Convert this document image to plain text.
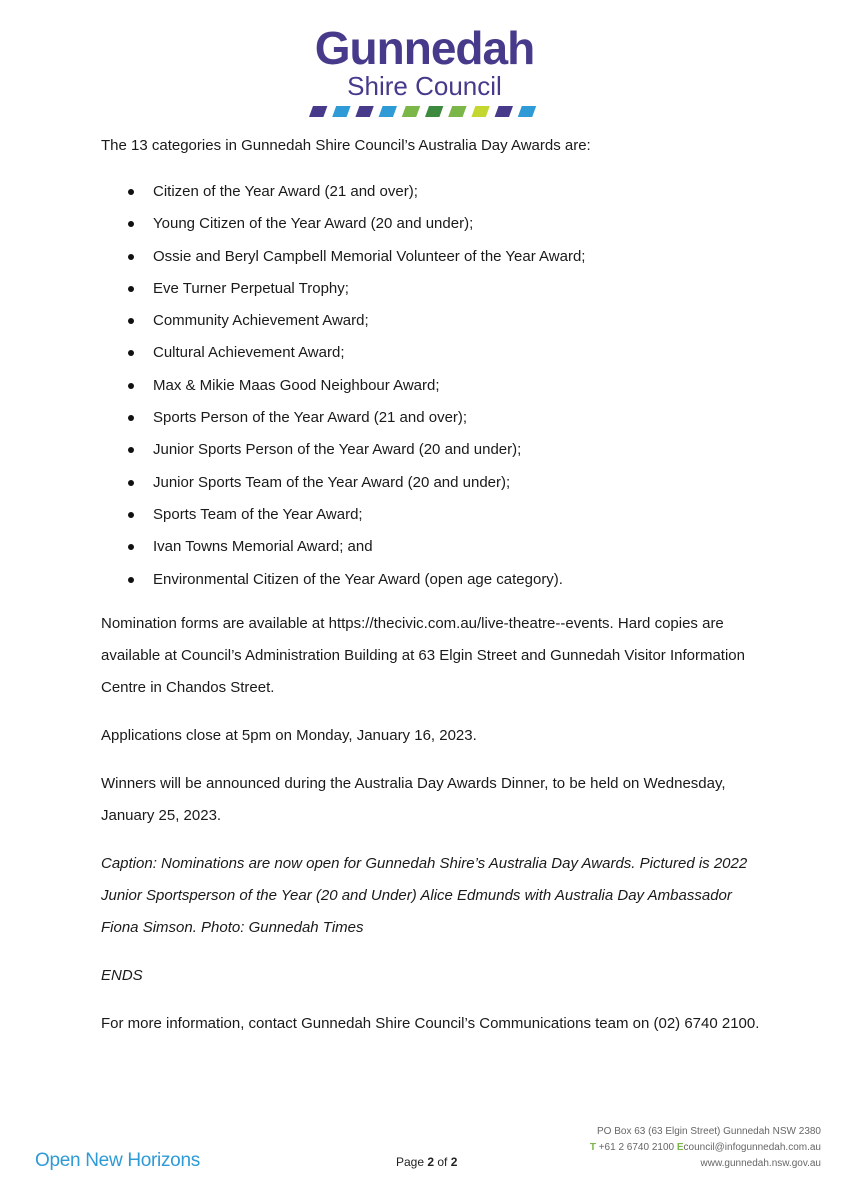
Gunnedah
Shire Council

The 13 categories in Gunnedah Shire Council’s Australia Day Awards are:

Citizen of the Year Award (21 and over);
Young Citizen of the Year Award (20 and under);
Ossie and Beryl Campbell Memorial Volunteer of the Year Award;
Eve Turner Perpetual Trophy;
Community Achievement Award;
Cultural Achievement Award;
Max & Mikie Maas Good Neighbour Award;
Sports Person of the Year Award (21 and over);
Junior Sports Person of the Year Award (20 and under);
Junior Sports Team of the Year Award (20 and under);
Sports Team of the Year Award;
Ivan Towns Memorial Award; and
Environmental Citizen of the Year Award (open age category).

Nomination forms are available at https://thecivic.com.au/live-theatre--events. Hard copies are available at Council’s Administration Building at 63 Elgin Street and Gunnedah Visitor Information Centre in Chandos Street.

Applications close at 5pm on Monday, January 16, 2023.

Winners will be announced during the Australia Day Awards Dinner, to be held on Wednesday, January 25, 2023.

Caption: Nominations are now open for Gunnedah Shire’s Australia Day Awards. Pictured is 2022 Junior Sportsperson of the Year (20 and Under) Alice Edmunds with Australia Day Ambassador Fiona Simson. Photo: Gunnedah Times

ENDS

For more information, contact Gunnedah Shire Council’s Communications team on (02) 6740 2100.

Open New Horizons	Page 2 of 2
PO Box 63 (63 Elgin Street) Gunnedah NSW 2380
T +61 2 6740 2100 Ecouncil@infogunnedah.com.au
www.gunnedah.nsw.gov.au
